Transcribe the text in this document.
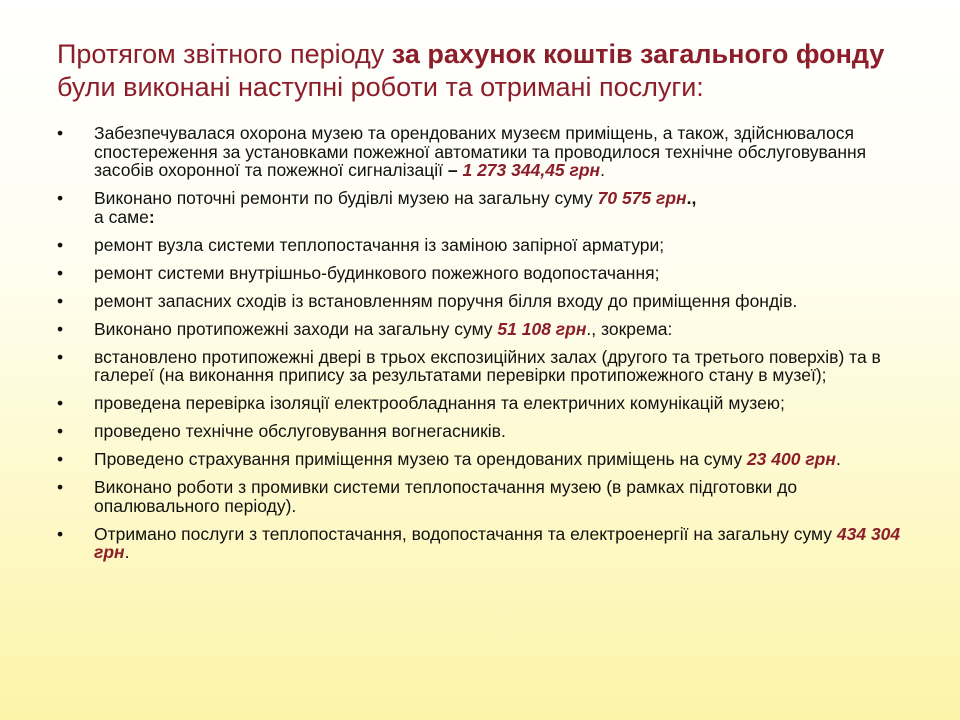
Протягом звітного періоду за рахунок коштів загального фонду
були виконані наступні роботи та отримані послуги:
• Забезпечувалася охорона музею та орендованих музеєм приміщень, а також, здійснювалося спостереження за установками пожежної автоматики та проводилося технічне обслуговування засобів охоронної та пожежної сигналізації – 1 273 344,45 грн.
• Виконано поточні ремонти по будівлі музею на загальну суму 70 575 грн.,
а саме:
• ремонт вузла системи теплопостачання із заміною запірної арматури;
• ремонт системи внутрішньо-будинкового пожежного водопостачання;
• ремонт запасних сходів із встановленням поручня білля входу до приміщення фондів.
• Виконано протипожежні заходи на загальну суму 51 108 грн., зокрема:
• встановлено протипожежні двері в трьох експозиційних залах (другого та третього поверхів) та в галереї (на виконання припису за результатами перевірки протипожежного стану в музеї);
• проведена перевірка ізоляції електрообладнання та електричних комунікацій музею;
• проведено технічне обслуговування вогнегасників.
• Проведено страхування приміщення музею та орендованих приміщень на суму 23 400 грн.
• Виконано роботи з промивки системи теплопостачання музею (в рамках підготовки до опалювального періоду).
• Отримано послуги з теплопостачання, водопостачання та електроенергії на загальну суму 434 304 грн.
